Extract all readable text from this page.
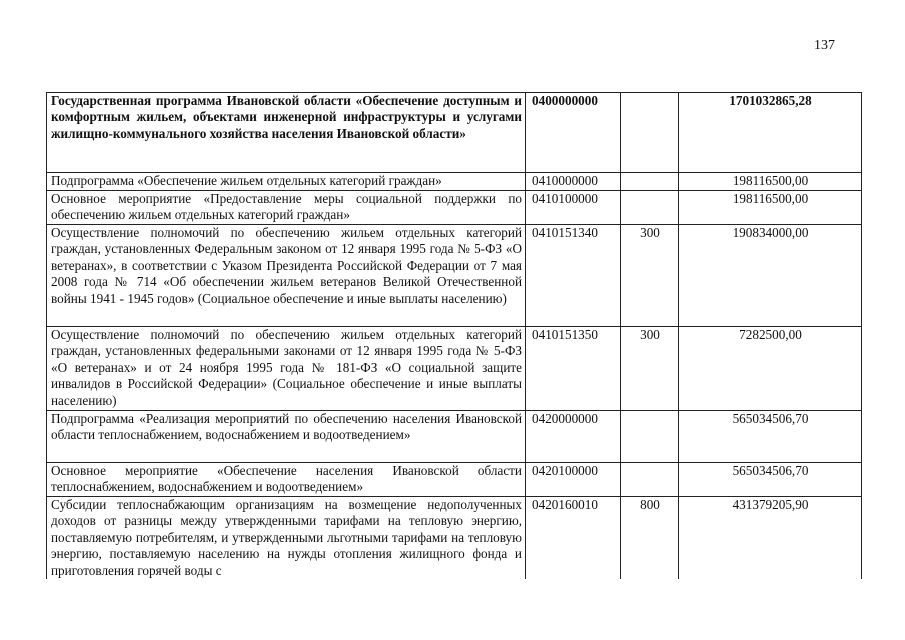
137
Государственная программа Ивановской области «Обеспечение доступным и комфортным жильем, объектами инженерной инфраструктуры и услугами жилищно-коммунального хозяйства населения Ивановской области»	0400000000		1701032865,28
Подпрограмма «Обеспечение жильем отдельных категорий граждан»	0410000000		198116500,00
Основное мероприятие «Предоставление меры социальной поддержки по обеспечению жильем отдельных категорий граждан»	0410100000		198116500,00
Осуществление полномочий по обеспечению жильем отдельных категорий граждан, установленных Федеральным законом от 12 января 1995 года № 5-ФЗ «О ветеранах», в соответствии с Указом Президента Российской Федерации от 7 мая 2008 года № 714 «Об обеспечении жильем ветеранов Великой Отечественной войны 1941 - 1945 годов» (Социальное обеспечение и иные выплаты населению)	0410151340	300	190834000,00
Осуществление полномочий по обеспечению жильем отдельных категорий граждан, установленных федеральными законами от 12 января 1995 года № 5-ФЗ «О ветеранах» и от 24 ноября 1995 года № 181-ФЗ «О социальной защите инвалидов в Российской Федерации» (Социальное обеспечение и иные выплаты населению)	0410151350	300	7282500,00
Подпрограмма «Реализация мероприятий по обеспечению населения Ивановской области теплоснабжением, водоснабжением и водоотведением»	0420000000		565034506,70
Основное мероприятие «Обеспечение населения Ивановской области теплоснабжением, водоснабжением и водоотведением»	0420100000		565034506,70
Субсидии теплоснабжающим организациям на возмещение недополученных доходов от разницы между утвержденными тарифами на тепловую энергию, поставляемую потребителям, и утвержденными льготными тарифами на тепловую энергию, поставляемую населению на нужды отопления жилищного фонда и приготовления горячей воды с	0420160010	800	431379205,90
